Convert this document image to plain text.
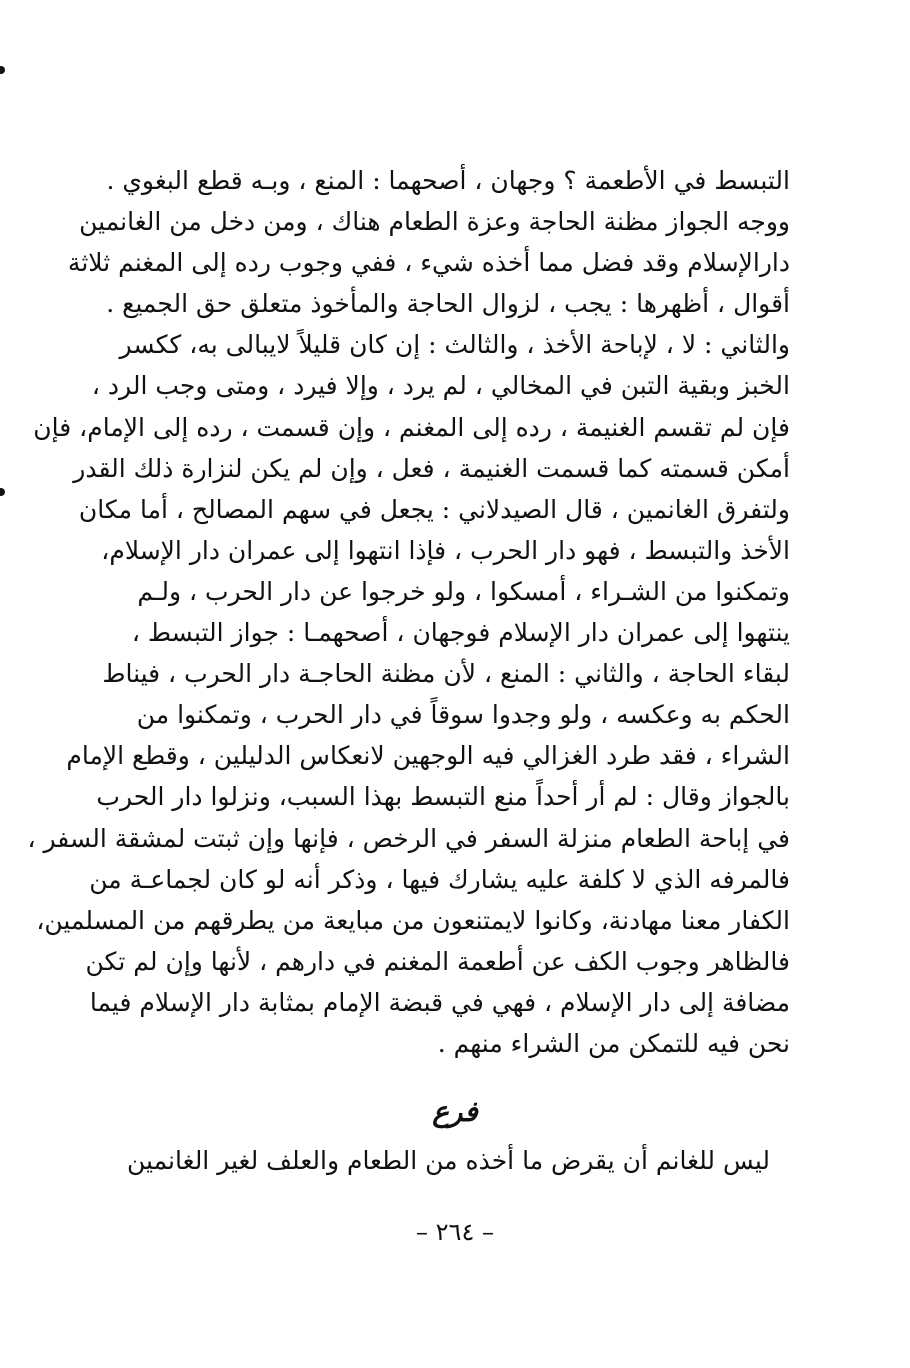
التبسط في الأطعمة ؟ وجهان ، أصحهما : المنع ، وبـه قطع البغوي .
ووجه الجواز مظنة الحاجة وعزة الطعام هناك ، ومن دخل من الغانمين
دارالإسلام وقد فضل مما أخذه شيء ، ففي وجوب رده إلى المغنم ثلاثة
أقوال ، أظهرها : يجب ، لزوال الحاجة والمأخوذ متعلق حق الجميع .
والثاني : لا ، لإباحة الأخذ ، والثالث : إن كان قليلاً لايبالى به، ككسر
الخبز وبقية التبن في المخالي ، لم يرد ، وإلا فيرد ، ومتى وجب الرد ،
فإن لم تقسم الغنيمة ، رده إلى المغنم ، وإن قسمت ، رده إلى الإمام، فإن
أمكن قسمته كما قسمت الغنيمة ، فعل ، وإن لم يكن لنزارة ذلك القدر
ولتفرق الغانمين ، قال الصيدلاني : يجعل في سهم المصالح ، أما مكان
الأخذ والتبسط ، فهو دار الحرب ، فإذا انتهوا إلى عمران دار الإسلام،
وتمكنوا من الشـراء ، أمسكوا ، ولو خرجوا عن دار الحرب ، ولـم
ينتهوا إلى عمران دار الإسلام فوجهان ، أصحهمـا : جواز التبسط ،
لبقاء الحاجة ، والثاني : المنع ، لأن مظنة الحاجـة دار الحرب ، فيناط
الحكم به وعكسه ، ولو وجدوا سوقاً في دار الحرب ، وتمكنوا من
الشراء ، فقد طرد الغزالي فيه الوجهين لانعكاس الدليلين ، وقطع الإمام
بالجواز وقال : لم أر أحداً منع التبسط بهذا السبب، ونزلوا دار الحرب
في إباحة الطعام منزلة السفر في الرخص ، فإنها وإن ثبتت لمشقة السفر ،
فالمرفه الذي لا كلفة عليه يشارك فيها ، وذكر أنه لو كان لجماعـة من
الكفار معنا مهادنة، وكانوا لايمتنعون من مبايعة من يطرقهم من المسلمين،
فالظاهر وجوب الكف عن أطعمة المغنم في دارهم ، لأنها وإن لم تكن
مضافة إلى دار الإسلام ، فهي في قبضة الإمام بمثابة دار الإسلام فيما
نحن فيه للتمكن من الشراء منهم .
فرع
ليس للغانم أن يقرض ما أخذه من الطعام والعلف لغير الغانمين
– ٢٦٤ –
